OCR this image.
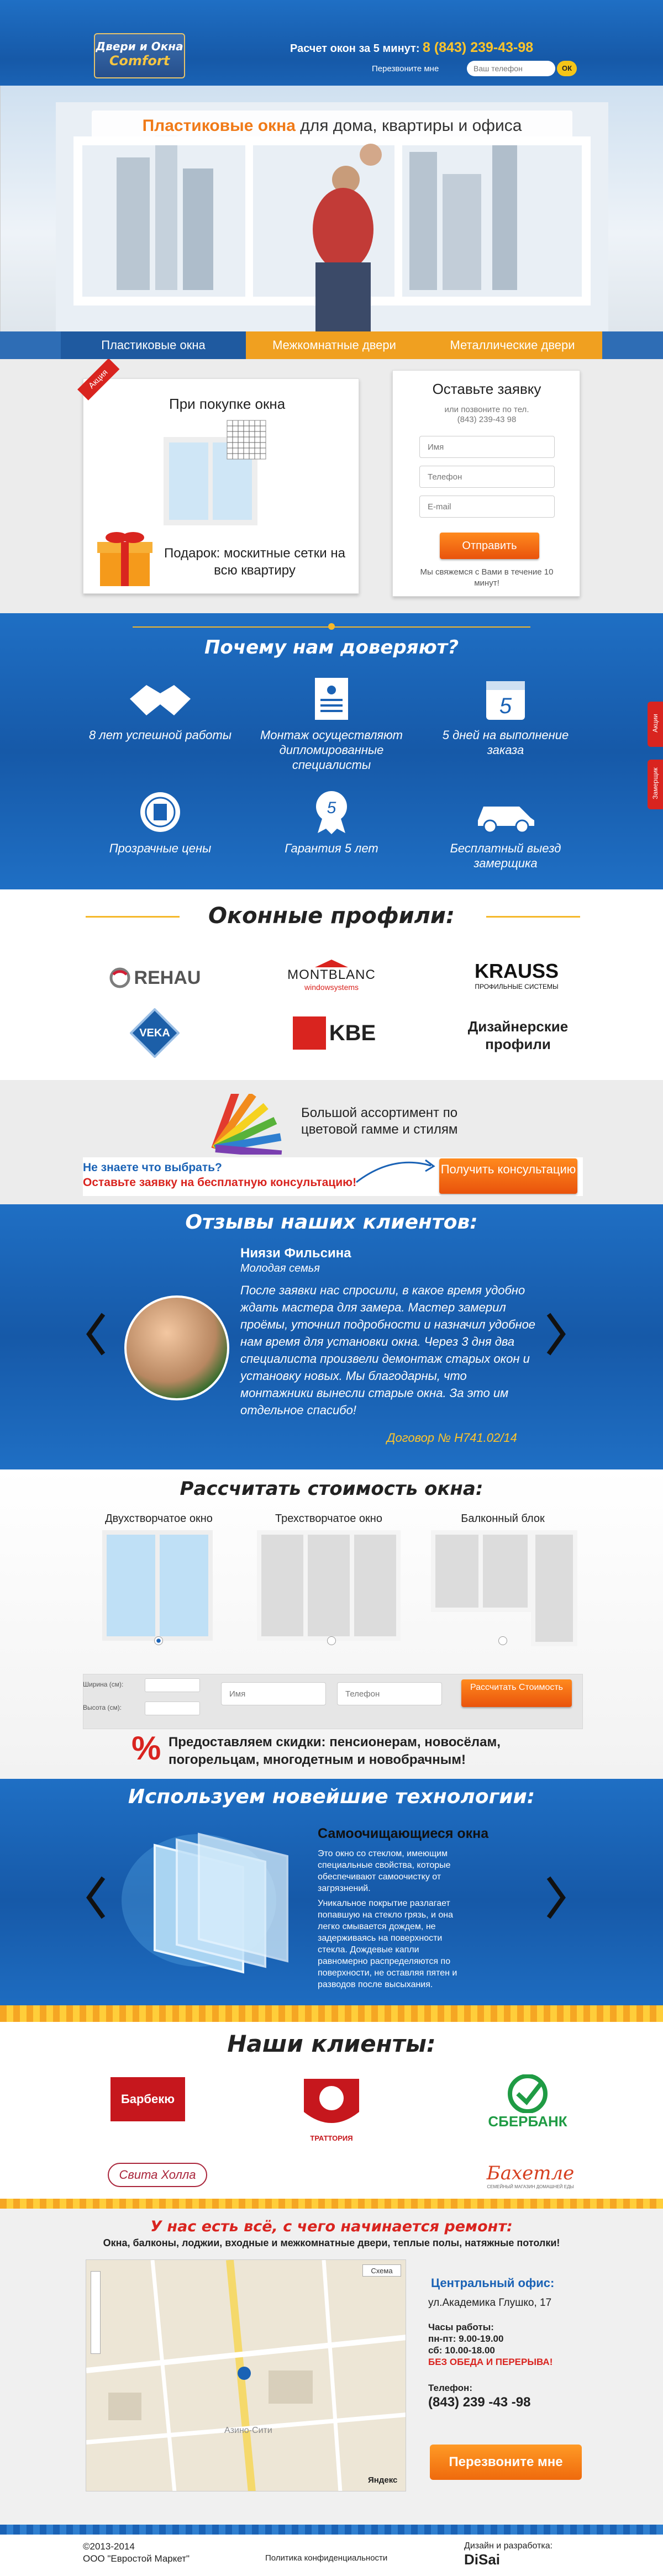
Двери и Окна
Comfort
Расчет окон за 5 минут: 8 (843) 239-43-98
Перезвоните мне
Ваш телефон	ОК
Пластиковые окна для дома, квартиры и офиса
Пластиковые окна	Межкомнатные двери	Металлические двери
При покупке окна
Подарок: москитные сетки на всю квартиру
Акция	Оставьте заявку
или позвоните по тел.
(843) 239-43 98
Имя
Телефон
E-mail
Отправить
Мы свяжемся с Вами в течение 10 минут!
Почему нам доверяют?
8 лет успешной работы Монтаж осуществляют дипломированные специалисты
5
5 дней на выполнение заказа
Прозрачные цены
5
Гарантия 5 лет	Бесплатный выезд замерщика
Акции
Замерщик
Оконные профили:
REHAU	MONTBLANC
windowsystems
KRAUSS
ПРОФИЛЬНЫЕ СИСТЕМЫ
VEKA	KBE	Дизайнерские профили
Большой ассортимент по цветовой гамме и стилям
Не знаете что выбрать?
Оставьте заявку на бесплатную консультацию!
Получить консультацию
Отзывы наших клиентов:
Ниязи Фильсина
Молодая семья
После заявки нас спросили, в какое время удобно ждать мастера для замера. Мастер замерил проёмы, уточнил подробности и назначил удобное нам время для установки окна. Через 3 дня два специалиста произвели демонтаж старых окон и установку новых. Мы благодарны, что монтажники вынесли старые окна. За это им отдельное спасибо!
Договор № Н741.02/14
Рассчитать стоимость окна:
Двухстворчатое окно	Трехстворчатое окно	Балконный блок
Ширина (см):
Высота (см):
Имя
Телефон
Рассчитать Стоимость
% Предоставляем скидки: пенсионерам, новосёлам, погорельцам, многодетным и новобрачным!
Используем новейшие технологии:
Самоочищающиеся окна
Это окно со стеклом, имеющим специальные свойства, которые обеспечивают самоочистку от загрязнений.
Уникальное покрытие разлагает попавшую на стекло грязь, и она легко смывается дождем, не задерживаясь на поверхности стекла. Дождевые капли равномерно распределяются по поверхности, не оставляя пятен и разводов после высыхания.
Наши клиенты:
Барбекю
ТРАТТОРИЯ
СБЕРБАНК
Свита Холла	Бахетле
СЕМЕЙНЫЙ МАГАЗИН ДОМАШНЕЙ ЕДЫ
У нас есть всё, с чего начинается ремонт:
Окна, балконы, лоджии, входные и межкомнатные двери, теплые полы, натяжные потолки!
Схема
Азино-Сити
Яндекс
Центральный офис:
ул.Академика Глушко, 17
Часы работы:
пн-пт: 9.00-19.00
сб: 10.00-18.00
БЕЗ ОБЕДА И ПЕРЕРЫВА!
Телефон:
(843) 239 -43 -98
Перезвоните мне
©2013-2014
ООО "Евростой Маркет"	Политика конфиденциальности
Дизайн и разработка:
DiSai
